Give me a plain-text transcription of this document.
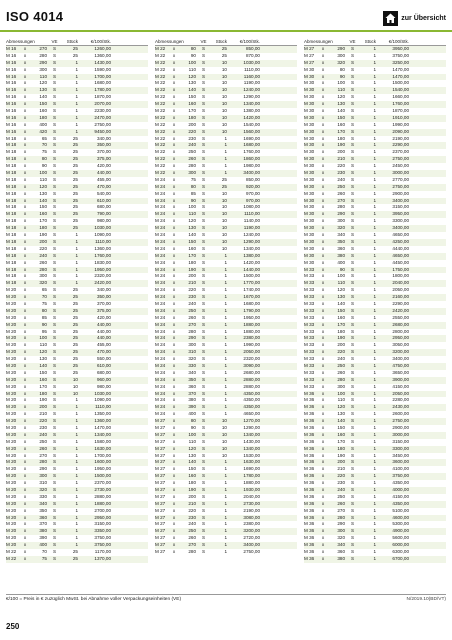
ISO 4014	zur Übersicht
Abmessungen	VE	Stück	€/100/Stk.
M 16	x	270	S	25	1260,00
M 16	x	280	S	25	1360,00
M 16	x	290	S	1	1430,00
M 16	x	300	S	1	1590,00
M 16	x	110	S	1	1700,00
M 16	x	120	S	1	1680,00
M 16	x	130	S	1	1780,00
M 16	x	140	S	1	1870,00
M 16	x	150	S	1	2070,00
M 16	x	160	S	1	2230,00
M 16	x	180	S	1	2470,00
M 16	x	400	S	1	2750,00
M 16	x	420	S	1	9450,00
M 18	x	65	S	25	340,00
M 18	x	70	S	25	350,00
M 18	x	75	S	25	370,00
M 18	x	80	S	25	375,00
M 18	x	90	S	25	420,00
M 18	x	100	S	25	440,00
M 18	x	110	S	25	455,00
M 18	x	120	S	25	470,00
M 18	x	130	S	25	540,00
M 18	x	140	S	25	610,00
M 18	x	150	S	25	680,00
M 18	x	160	S	25	790,00
M 18	x	170	S	25	980,00
M 18	x	180	S	25	1030,00
M 18	x	190	S	1	1090,00
M 18	x	200	S	1	1110,00
M 18	x	220	S	1	1360,00
M 18	x	240	S	1	1760,00
M 18	x	260	S	1	1830,00
M 18	x	280	S	1	1950,00
M 18	x	300	S	1	2320,00
M 18	x	320	S	1	2420,00
M 20	x	65	S	25	340,00
M 20	x	70	S	25	350,00
M 20	x	75	S	25	370,00
M 20	x	80	S	25	375,00
M 20	x	85	S	25	420,00
M 20	x	90	S	25	440,00
M 20	x	95	S	25	440,00
M 20	x	100	S	25	440,00
M 20	x	110	S	25	455,00
M 20	x	120	S	25	470,00
M 20	x	130	S	25	550,00
M 20	x	140	S	25	610,00
M 20	x	150	S	25	680,00
M 20	x	160	S	10	960,00
M 20	x	170	S	10	980,00
M 20	x	180	S	10	1030,00
M 20	x	190	S	1	1090,00
M 20	x	200	S	1	1110,00
M 20	x	210	S	1	1350,00
M 20	x	220	S	1	1360,00
M 20	x	230	S	1	1470,00
M 20	x	240	S	1	1340,00
M 20	x	250	S	1	1580,00
M 20	x	260	S	1	1630,00
M 20	x	270	S	1	1700,00
M 20	x	280	S	1	1600,00
M 20	x	290	S	1	1950,00
M 20	x	300	S	1	1500,00
M 20	x	310	S	1	2370,00
M 20	x	320	S	1	2730,00
M 20	x	330	S	1	2880,00
M 20	x	340	S	1	1880,00
M 20	x	350	S	1	2700,00
M 20	x	360	S	1	2950,00
M 20	x	370	S	1	3150,00
M 20	x	380	S	1	3350,00
M 20	x	390	S	1	3750,00
M 20	x	400	S	1	3750,00
M 22	x	70	S	25	1170,00
M 22	x	75	S	25	1370,00
Abmessungen	VE	Stück	€/100/Stk.
M 22	x	80	S	25	850,00
M 22	x	90	S	25	870,00
M 22	x	100	S	10	1030,00
M 22	x	110	S	10	1110,00
M 22	x	120	S	10	1160,00
M 22	x	130	S	10	1190,00
M 22	x	140	S	10	1240,00
M 22	x	150	S	10	1290,00
M 22	x	160	S	10	1340,00
M 22	x	170	S	10	1380,00
M 22	x	180	S	10	1420,00
M 22	x	200	S	10	1540,00
M 22	x	220	S	10	1560,00
M 22	x	230	S	1	1690,00
M 22	x	240	S	1	1680,00
M 22	x	250	S	1	1760,00
M 22	x	260	S	1	1860,00
M 22	x	280	S	1	1980,00
M 22	x	300	S	1	3400,00
M 24	x	75	S	25	850,00
M 24	x	80	S	25	920,00
M 24	x	85	S	10	970,00
M 24	x	90	S	10	970,00
M 24	x	100	S	10	1080,00
M 24	x	110	S	10	1110,00
M 24	x	120	S	10	1140,00
M 24	x	130	S	10	1190,00
M 24	x	140	S	10	1240,00
M 24	x	150	S	10	1290,00
M 24	x	160	S	10	1340,00
M 24	x	170	S	1	1380,00
M 24	x	180	S	1	1420,00
M 24	x	190	S	1	1440,00
M 24	x	200	S	1	1500,00
M 24	x	210	S	1	1770,00
M 24	x	220	S	1	1740,00
M 24	x	230	S	1	1670,00
M 24	x	240	S	1	1680,00
M 24	x	250	S	1	1790,00
M 24	x	260	S	1	1950,00
M 24	x	270	S	1	1880,00
M 24	x	280	S	1	1880,00
M 24	x	290	S	1	2380,00
M 24	x	300	S	1	1990,00
M 24	x	310	S	1	2050,00
M 24	x	320	S	1	2320,00
M 24	x	330	S	1	3090,00
M 24	x	340	S	1	2680,00
M 24	x	350	S	1	2880,00
M 24	x	360	S	1	2880,00
M 24	x	370	S	1	4350,00
M 24	x	380	S	1	4350,00
M 24	x	390	S	1	4350,00
M 24	x	400	S	1	4650,00
M 27	x	80	S	10	1270,00
M 27	x	90	S	10	1290,00
M 27	x	100	S	10	1340,00
M 27	x	110	S	10	1430,00
M 27	x	120	S	10	1340,00
M 27	x	130	S	10	1530,00
M 27	x	140	S	1	1630,00
M 27	x	150	S	1	1690,00
M 27	x	160	S	1	1780,00
M 27	x	180	S	1	1880,00
M 27	x	190	S	1	1930,00
M 27	x	200	S	1	2040,00
M 27	x	210	S	1	2730,00
M 27	x	220	S	1	2190,00
M 27	x	230	S	1	3080,00
M 27	x	240	S	1	2380,00
M 27	x	250	S	1	3200,00
M 27	x	260	S	1	2720,00
M 27	x	270	S	1	3400,00
M 27	x	280	S	1	2750,00
Abmessungen	VE	Stück	€/100/Stk.
M 27	x	290	S	1	3950,00
M 27	x	300	S	1	3750,00
M 27	x	320	S	1	3250,00
M 30	x	80	S	1	1470,00
M 30	x	90	S	1	1470,00
M 30	x	100	S	1	1500,00
M 30	x	110	S	1	1540,00
M 30	x	120	S	1	1660,00
M 30	x	130	S	1	1760,00
M 30	x	140	S	1	1870,00
M 30	x	150	S	1	1910,00
M 30	x	160	S	1	1990,00
M 30	x	170	S	1	2090,00
M 30	x	180	S	1	2190,00
M 30	x	190	S	1	2290,00
M 30	x	200	S	1	2370,00
M 30	x	210	S	1	2750,00
M 30	x	220	S	1	2450,00
M 30	x	230	S	1	3000,00
M 30	x	240	S	1	2770,00
M 30	x	250	S	1	2750,00
M 30	x	260	S	1	2900,00
M 30	x	270	S	1	3400,00
M 30	x	280	S	1	3150,00
M 30	x	290	S	1	3950,00
M 30	x	300	S	1	3300,00
M 30	x	320	S	1	3400,00
M 30	x	340	S	1	4650,00
M 30	x	350	S	1	4250,00
M 30	x	360	S	1	4440,00
M 30	x	380	S	1	4650,00
M 30	x	400	S	1	4450,00
M 33	x	90	S	1	1750,00
M 33	x	100	S	1	1800,00
M 33	x	110	S	1	2040,00
M 33	x	120	S	1	2050,00
M 33	x	130	S	1	2160,00
M 33	x	140	S	1	2290,00
M 33	x	150	S	1	2420,00
M 33	x	160	S	1	2550,00
M 33	x	170	S	1	2680,00
M 33	x	180	S	1	2800,00
M 33	x	190	S	1	2950,00
M 33	x	200	S	1	3050,00
M 33	x	220	S	1	3200,00
M 33	x	240	S	1	3400,00
M 33	x	250	S	1	4750,00
M 33	x	260	S	1	3650,00
M 33	x	280	S	1	3900,00
M 33	x	300	S	1	4150,00
M 36	x	100	S	1	2050,00
M 36	x	110	S	1	2280,00
M 36	x	120	S	1	2430,00
M 36	x	130	S	1	2600,00
M 36	x	140	S	1	2750,00
M 36	x	150	S	1	2900,00
M 36	x	160	S	1	3000,00
M 36	x	170	S	1	3150,00
M 36	x	180	S	1	3300,00
M 36	x	190	S	1	3450,00
M 36	x	200	S	1	3600,00
M 36	x	210	S	1	4100,00
M 36	x	220	S	1	3750,00
M 36	x	230	S	1	4350,00
M 36	x	240	S	1	4000,00
M 36	x	250	S	1	4150,00
M 36	x	260	S	1	4350,00
M 36	x	270	S	1	5100,00
M 36	x	280	S	1	4600,00
M 36	x	290	S	1	5300,00
M 36	x	300	S	1	4900,00
M 36	x	320	S	1	5600,00
M 36	x	340	S	1	6000,00
M 36	x	360	S	1	6300,00
M 36	x	380	S	1	6700,00
€/100 = Preis in € zuzüglich MwSt. bei Abnahme voller Verpackungseinheiten (VE)	N/2019.10(BD/VT)
250
